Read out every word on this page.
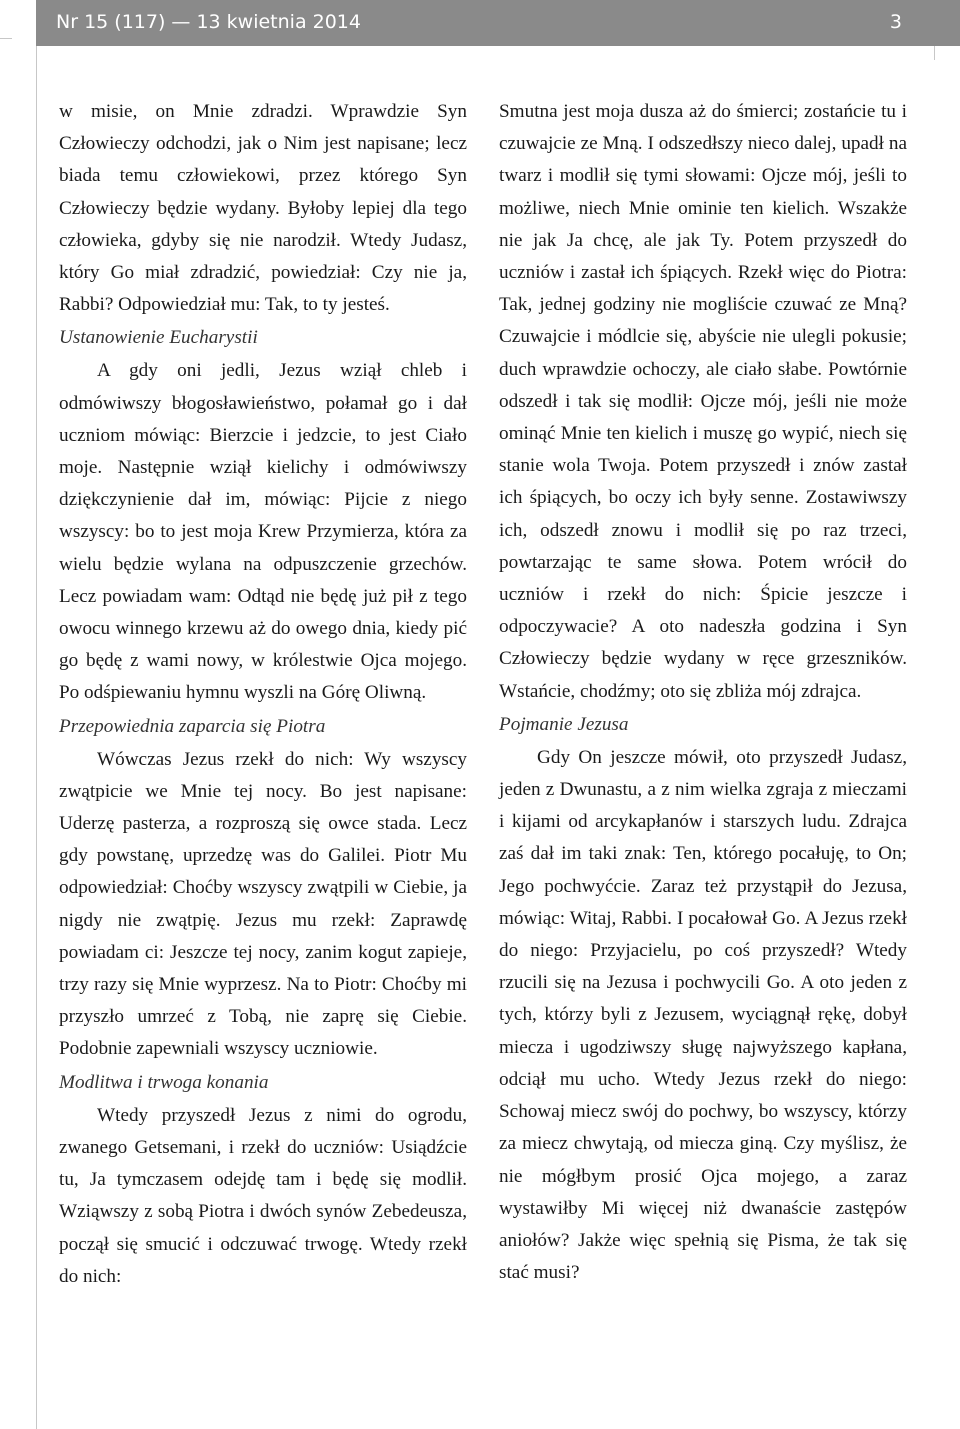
Nr 15 (117) — 13 kwietnia 2014	3

w misie, on Mnie zdradzi. Wprawdzie Syn Człowieczy odchodzi, jak o Nim jest napisane; lecz biada temu człowiekowi, przez którego Syn Człowieczy będzie wydany. Byłoby lepiej dla tego człowieka, gdyby się nie narodził. Wtedy Judasz, który Go miał zdradzić, powiedział: Czy nie ja, Rabbi? Odpowiedział mu: Tak, to ty jesteś.

Ustanowienie Eucharystii

A gdy oni jedli, Jezus wziął chleb i odmówiwszy błogosławieństwo, połamał go i dał uczniom mówiąc: Bierzcie i jedzcie, to jest Ciało moje. Następnie wziął kielichy i odmówiwszy dziękczynienie dał im, mówiąc: Pijcie z niego wszyscy: bo to jest moja Krew Przymierza, która za wielu będzie wylana na odpuszczenie grzechów. Lecz powiadam wam: Odtąd nie będę już pił z tego owocu winnego krzewu aż do owego dnia, kiedy pić go będę z wami nowy, w królestwie Ojca mojego. Po odśpiewaniu hymnu wyszli na Górę Oliwną.

Przepowiednia zaparcia się Piotra

Wówczas Jezus rzekł do nich: Wy wszyscy zwątpicie we Mnie tej nocy. Bo jest napisane: Uderzę pasterza, a rozproszą się owce stada. Lecz gdy powstanę, uprzedzę was do Galilei. Piotr Mu odpowiedział: Choćby wszyscy zwątpili w Ciebie, ja nigdy nie zwątpię. Jezus mu rzekł: Zaprawdę powiadam ci: Jeszcze tej nocy, zanim kogut zapieje, trzy razy się Mnie wyprzesz. Na to Piotr: Choćby mi przyszło umrzeć z Tobą, nie zaprę się Ciebie. Podobnie zapewniali wszyscy uczniowie.

Modlitwa i trwoga konania

Wtedy przyszedł Jezus z nimi do ogrodu, zwanego Getsemani, i rzekł do uczniów: Usiądźcie tu, Ja tymczasem odejdę tam i będę się modlił. Wziąwszy z sobą Piotra i dwóch synów Zebedeusza, począł się smucić i odczuwać trwogę. Wtedy rzekł do nich:

Smutna jest moja dusza aż do śmierci; zostańcie tu i czuwajcie ze Mną. I odszedłszy nieco dalej, upadł na twarz i modlił się tymi słowami: Ojcze mój, jeśli to możliwe, niech Mnie ominie ten kielich. Wszakże nie jak Ja chcę, ale jak Ty. Potem przyszedł do uczniów i zastał ich śpiących. Rzekł więc do Piotra: Tak, jednej godziny nie mogliście czuwać ze Mną? Czuwajcie i módlcie się, abyście nie ulegli pokusie; duch wprawdzie ochoczy, ale ciało słabe. Powtórnie odszedł i tak się modlił: Ojcze mój, jeśli nie może ominąć Mnie ten kielich i muszę go wypić, niech się stanie wola Twoja. Potem przyszedł i znów zastał ich śpiących, bo oczy ich były senne. Zostawiwszy ich, odszedł znowu i modlił się po raz trzeci, powtarzając te same słowa. Potem wrócił do uczniów i rzekł do nich: Śpicie jeszcze i odpoczywacie? A oto nadeszła godzina i Syn Człowieczy będzie wydany w ręce grzeszników. Wstańcie, chodźmy; oto się zbliża mój zdrajca.

Pojmanie Jezusa

Gdy On jeszcze mówił, oto przyszedł Judasz, jeden z Dwunastu, a z nim wielka zgraja z mieczami i kijami od arcykapłanów i starszych ludu. Zdrajca zaś dał im taki znak: Ten, którego pocałuję, to On; Jego pochwyćcie. Zaraz też przystąpił do Jezusa, mówiąc: Witaj, Rabbi. I pocałował Go. A Jezus rzekł do niego: Przyjacielu, po coś przyszedł? Wtedy rzucili się na Jezusa i pochwycili Go. A oto jeden z tych, którzy byli z Jezusem, wyciągnął rękę, dobył miecza i ugodziwszy sługę najwyższego kapłana, odciął mu ucho. Wtedy Jezus rzekł do niego: Schowaj miecz swój do pochwy, bo wszyscy, którzy za miecz chwytają, od miecza giną. Czy myślisz, że nie mógłbym prosić Ojca mojego, a zaraz wystawiłby Mi więcej niż dwanaście zastępów aniołów? Jakże więc spełnią się Pisma, że tak się stać musi?
